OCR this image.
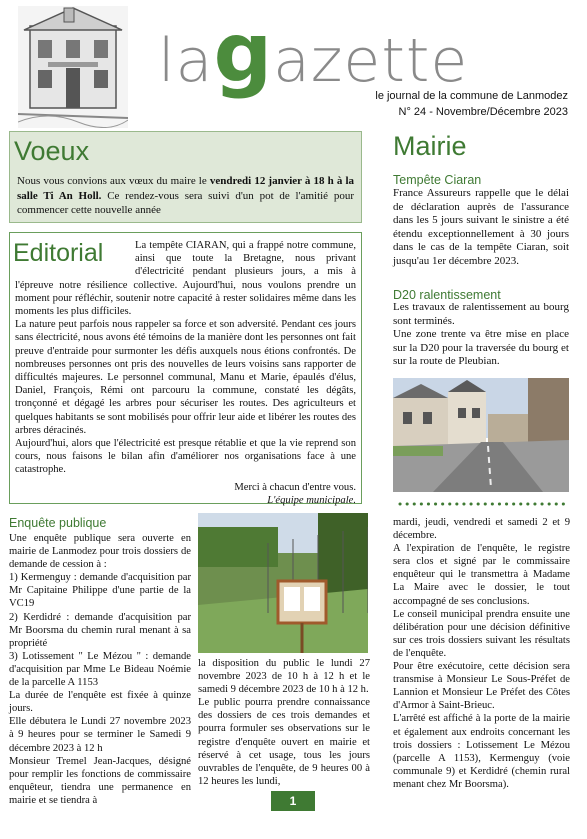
lagazette
le journal de la commune de Lanmodez
N° 24 - Novembre/Décembre 2023
Voeux
Nous vous convions aux vœux du maire le vendredi 12 janvier à 18 h à la salle Ti An Holl. Ce rendez-vous sera suivi d'un pot de l'amitié pour commencer cette nouvelle année

La tempête CIARAN, qui a frappé notre commune, ainsi que toute la Bretagne, nous privant d'électricité pendant plusieurs jours, a mis à l'épreuve notre résilience collective. Aujourd'hui, nous voulons prendre un moment pour réfléchir, soutenir notre capacité à rester solidaires même dans les moments les plus difficiles.

La nature peut parfois nous rappeler sa force et son adversité. Pendant ces jours sans électricité, nous avons été témoins de la manière dont les personnes ont fait preuve d'entraide pour surmonter les défis auxquels nous étions confrontés. De nombreuses personnes ont pris des nouvelles de leurs voisins sans rapporter de difficultés majeures. Le personnel communal, Manu et Marie, épaulés d'élus, Daniel, François, Rémi ont parcouru la commune, constaté les dégâts, tronçonné et dégagé les arbres pour sécuriser les routes. Des agriculteurs et quelques habitants se sont mobilisés pour offrir leur aide et libérer les routes des arbres déracinés.

Aujourd'hui, alors que l'électricité est presque rétablie et que la vie reprend son cours, nous faisons le bilan afin d'améliorer nos organisations face à une catastrophe.

Merci à chacun d'entre vous.

L'équipe municipale.

Editorial
Mairie
Tempête Ciaran
France Assureurs rappelle que le délai de déclaration auprès de l'assurance dans les 5 jours suivant le sinistre a été étendu exceptionnellement à 30 jours dans le cas de la tempête Ciaran, soit jusqu'au 1er décembre 2023.
D20 ralentissement

Les travaux de ralentissement au bourg sont terminés.

Une zone trente va être mise en place sur la D20 pour la traversée du bourg et sur la route de Pleubian.

Enquête publique

Une enquête publique sera ouverte en mairie de Lanmodez pour trois dossiers de demande de cession à :

1) Kermenguy : demande d'acquisition par Mr Capitaine Philippe d'une partie de la VC19

2) Kerdidré : demande d'acquisition par Mr Boorsma du chemin rural menant à sa propriété

3) Lotissement " Le Mézou " : demande d'acquisition par Mme Le Bideau Noémie de la parcelle A 1153

La durée de l'enquête est fixée à quinze jours.

Elle débutera le Lundi 27 novembre 2023 à 9 heures pour se terminer le Samedi 9 décembre 2023 à 12 h

Monsieur Tremel Jean-Jacques, désigné pour remplir les fonctions de commissaire enquêteur, tiendra une permanence en mairie et se tiendra à

la disposition du public le lundi 27 novembre 2023 de 10 h à 12 h et le samedi 9 décembre 2023 de 10 h à 12 h.

Le public pourra prendre connaissance des dossiers de ces trois demandes et pourra formuler ses observations sur le registre d'enquête ouvert en mairie et réservé à cet usage, tous les jours ouvrables de l'enquête, de 9 heures 00 à 12 heures les lundi,

mardi, jeudi, vendredi et samedi 2 et 9 décembre.

A l'expiration de l'enquête, le registre sera clos et signé par le commissaire enquêteur qui le transmettra à Madame La Maire avec le dossier, le tout accompagné de ses conclusions.

Le conseil municipal prendra ensuite une délibération pour une décision définitive sur ces trois dossiers suivant les résultats de l'enquête.

Pour être exécutoire, cette décision sera transmise à Monsieur Le Sous-Préfet de Lannion et Monsieur Le Préfet des Côtes d'Armor à Saint-Brieuc.

L'arrêté est affiché à la porte de la mairie et également aux endroits concernant les trois dossiers : Lotissement Le Mézou (parcelle A 1153), Kermenguy (voie communale 9) et Kerdidré (chemin rural menant chez Mr Boorsma).

1
